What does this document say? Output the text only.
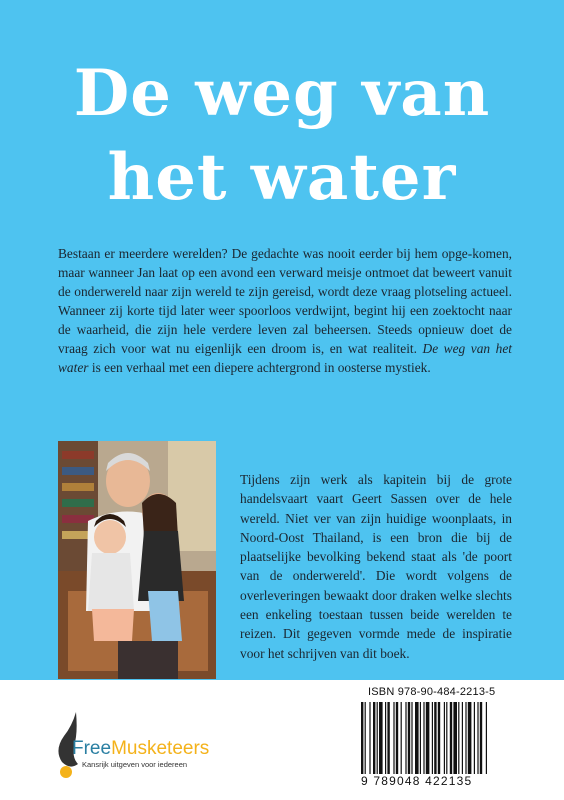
De weg van
het water

Bestaan er meerdere werelden? De gedachte was nooit eerder bij hem opge-komen, maar wanneer Jan laat op een avond een verward meisje ontmoet dat beweert vanuit de onderwereld naar zijn wereld te zijn gereisd, wordt deze vraag plotseling actueel. Wanneer zij korte tijd later weer spoorloos verdwijnt, begint hij een zoektocht naar de waarheid, die zijn hele verdere leven zal beheersen. Steeds opnieuw doet de vraag zich voor wat nu eigenlijk een droom is, en wat realiteit. De weg van het water is een verhaal met een diepere achtergrond in oosterse mystiek.

Tijdens zijn werk als kapitein bij de grote handelsvaart vaart Geert Sassen over de hele wereld. Niet ver van zijn huidige woonplaats, in Noord-Oost Thailand, is een bron die bij de plaatselijke bevolking bekend staat als 'de poort van de onderwereld'. Die wordt volgens de overleveringen bewaakt door draken welke slechts een enkeling toestaan tussen beide werelden te reizen. Dit gegeven vormde mede de inspiratie voor het schrijven van dit boek.

FreeMusketeers
Kansrijk uitgeven voor iedereen
ISBN 978-90-484-2213-5
9 789048 422135
